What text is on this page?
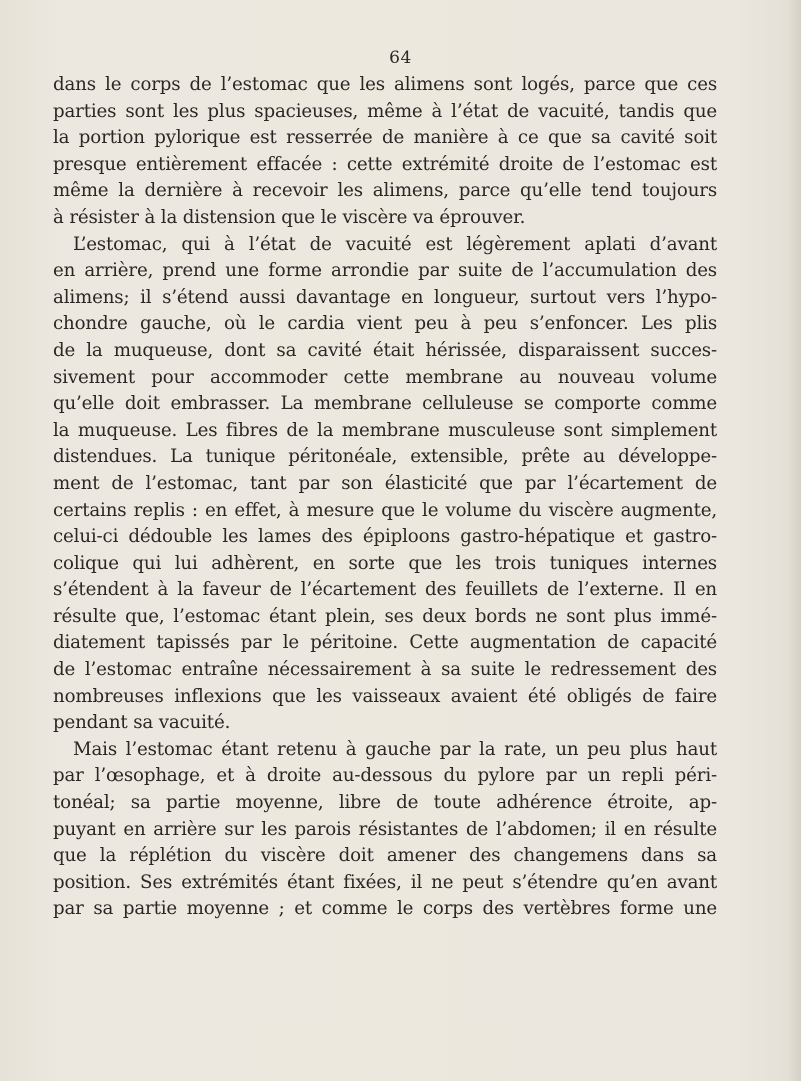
64
dans le corps de l’estomac que les alimens sont logés, parce que ces
parties sont les plus spacieuses, même à l’état de vacuité, tandis que
la portion pylorique est resserrée de manière à ce que sa cavité soit
presque entièrement effacée : cette extrémité droite de l’estomac est
même la dernière à recevoir les alimens, parce qu’elle tend toujours
à résister à la distension que le viscère va éprouver.
L’estomac, qui à l’état de vacuité est légèrement aplati d’avant
en arrière, prend une forme arrondie par suite de l’accumulation des
alimens; il s’étend aussi davantage en longueur, surtout vers l’hypo-
chondre gauche, où le cardia vient peu à peu s’enfoncer. Les plis
de la muqueuse, dont sa cavité était hérissée, disparaissent succes-
sivement pour accommoder cette membrane au nouveau volume
qu’elle doit embrasser. La membrane celluleuse se comporte comme
la muqueuse. Les fibres de la membrane musculeuse sont simplement
distendues. La tunique péritonéale, extensible, prête au développe-
ment de l’estomac, tant par son élasticité que par l’écartement de
certains replis : en effet, à mesure que le volume du viscère augmente,
celui-ci dédouble les lames des épiploons gastro-hépatique et gastro-
colique qui lui adhèrent, en sorte que les trois tuniques internes
s’étendent à la faveur de l’écartement des feuillets de l’externe. Il en
résulte que, l’estomac étant plein, ses deux bords ne sont plus immé-
diatement tapissés par le péritoine. Cette augmentation de capacité
de l’estomac entraîne nécessairement à sa suite le redressement des
nombreuses inflexions que les vaisseaux avaient été obligés de faire
pendant sa vacuité.
Mais l’estomac étant retenu à gauche par la rate, un peu plus haut
par l’œsophage, et à droite au-dessous du pylore par un repli péri-
tonéal; sa partie moyenne, libre de toute adhérence étroite, ap-
puyant en arrière sur les parois résistantes de l’abdomen; il en résulte
que la réplétion du viscère doit amener des changemens dans sa
position. Ses extrémités étant fixées, il ne peut s’étendre qu’en avant
par sa partie moyenne ; et comme le corps des vertèbres forme une
